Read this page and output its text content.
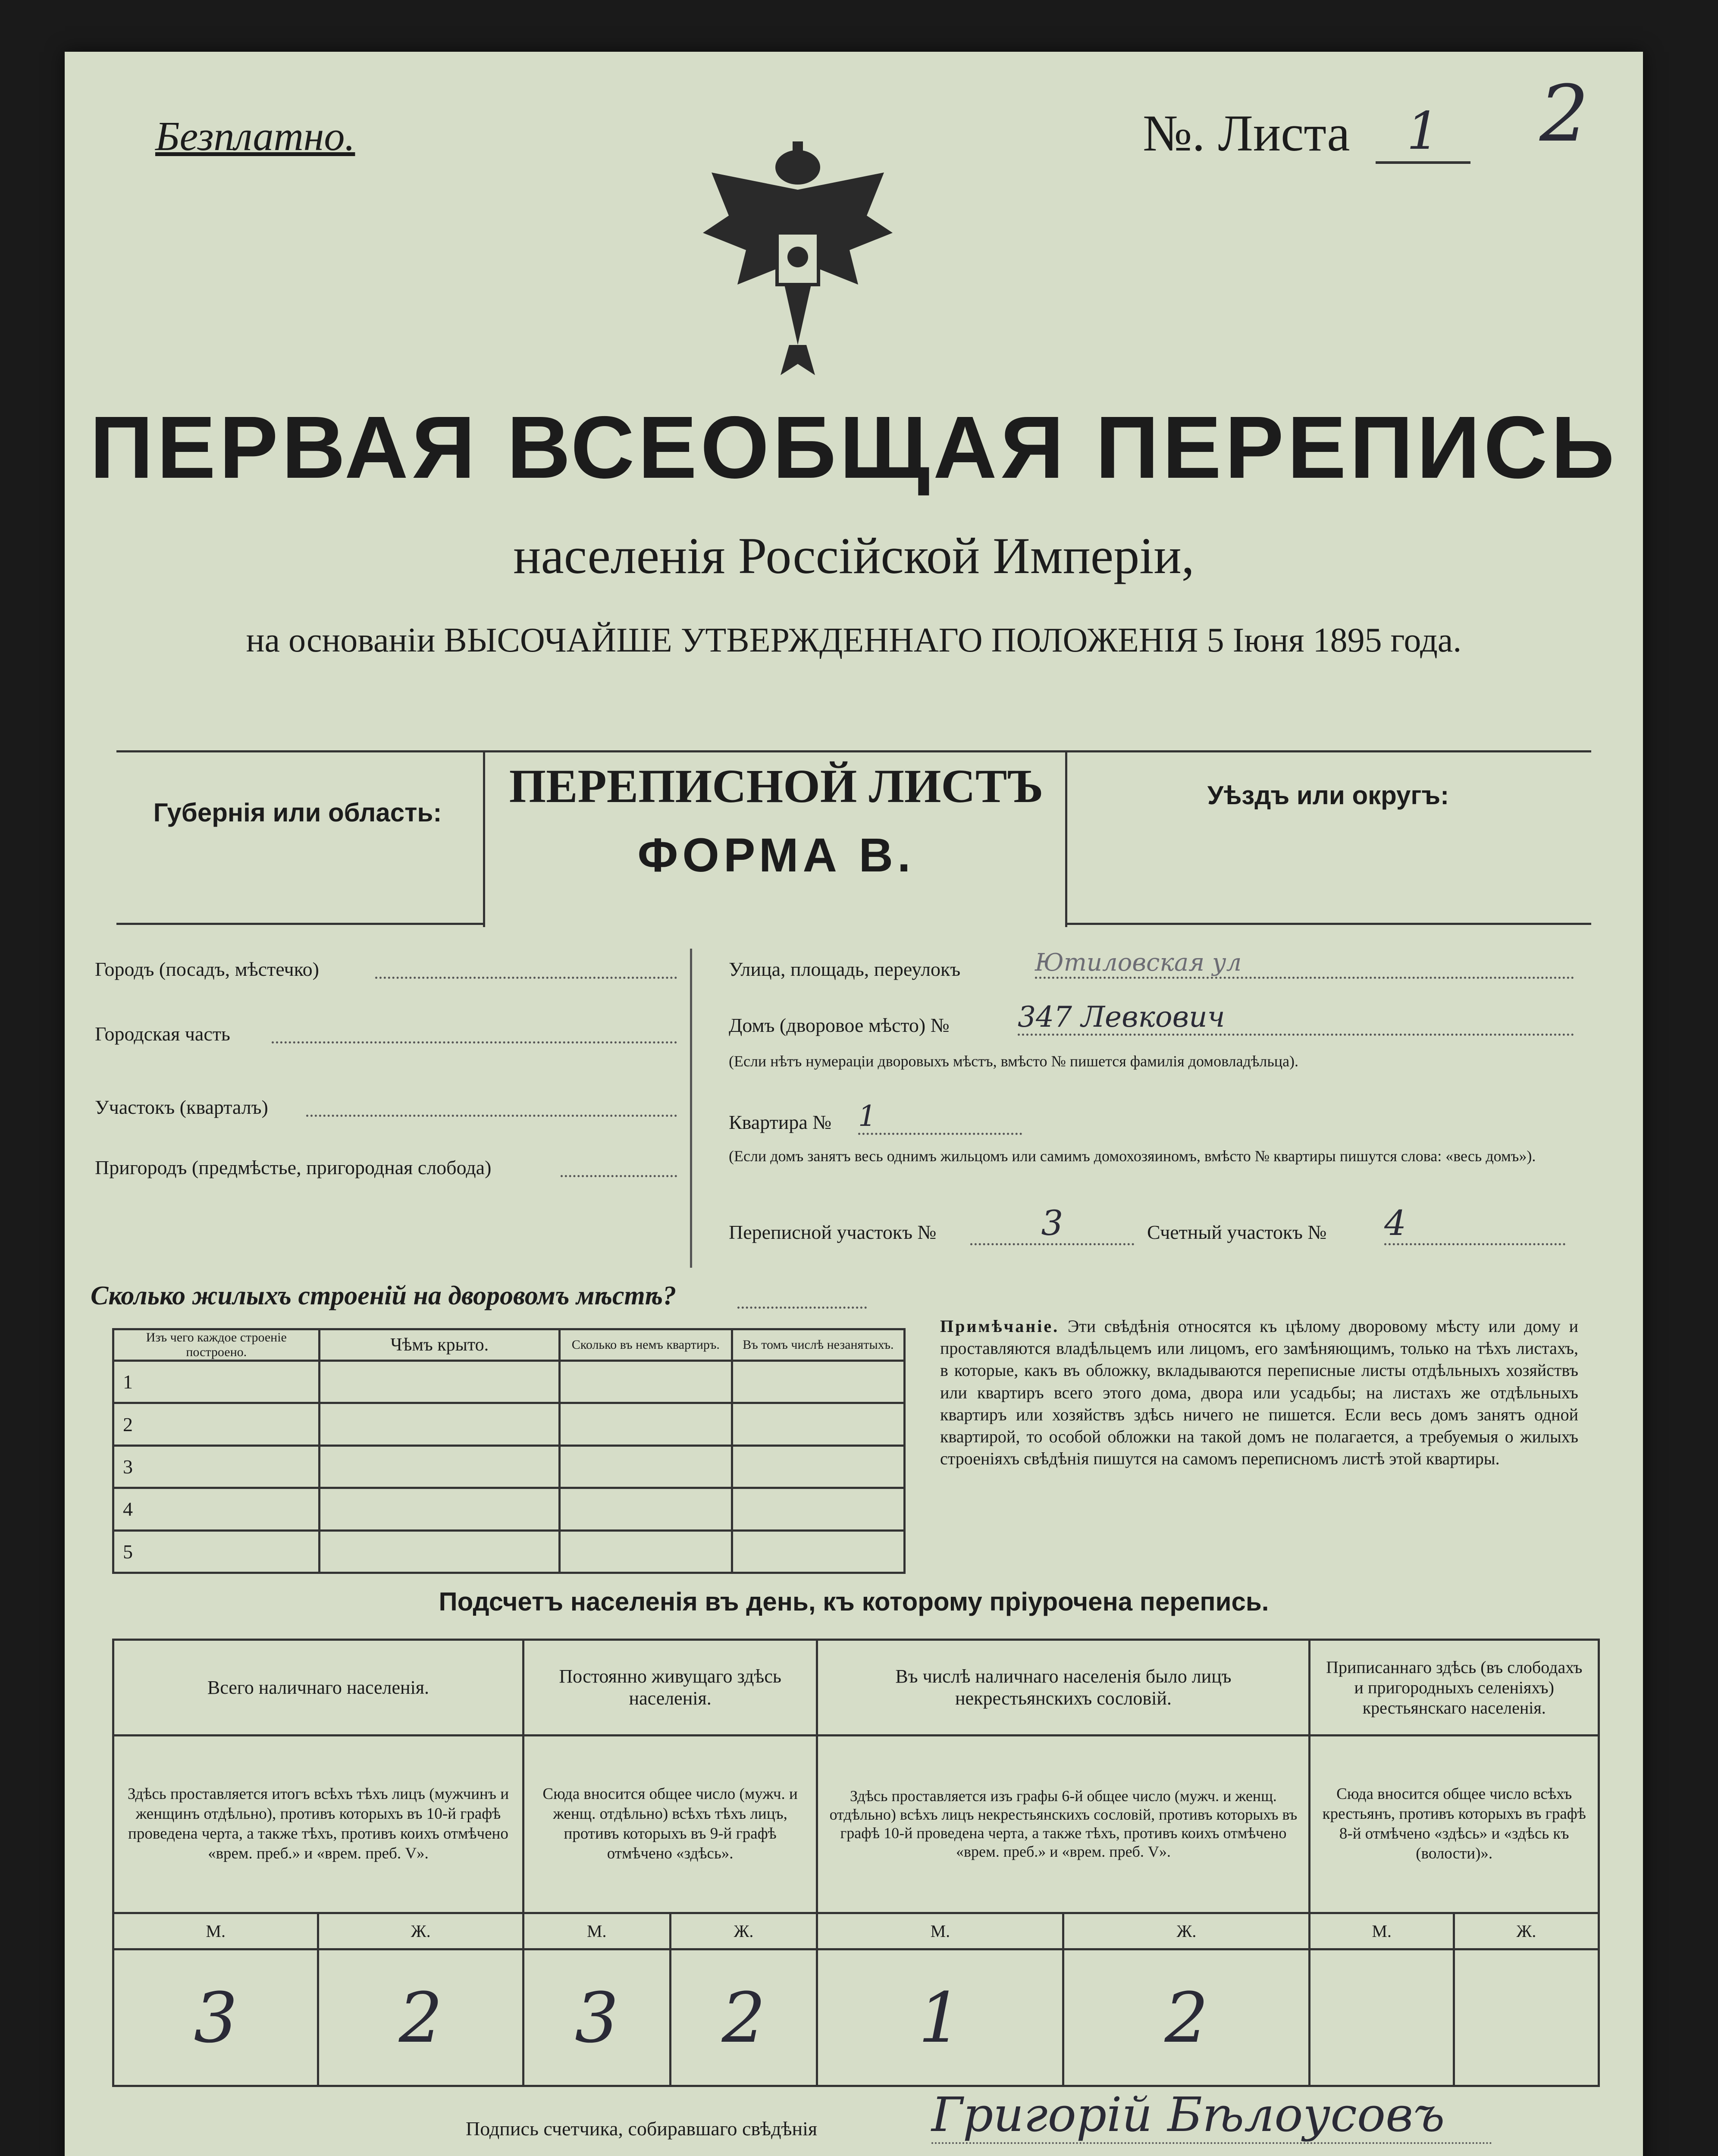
Безплатно.	№. Листа	1	2
ПЕРВАЯ ВСЕОБЩАЯ ПЕРЕПИСЬ
населенія Россійской Имперіи,
на основаніи ВЫСОЧАЙШЕ УТВЕРЖДЕННАГО ПОЛОЖЕНІЯ 5 Іюня 1895 года.
Губернія или область:
ПЕРЕПИСНОЙ ЛИСТЪ
ФОРМА В.
Уѣздъ или округъ:
Городъ (посадъ, мѣстечко)
Городская часть
Участокъ (кварталъ)
Пригородъ (предмѣстье, пригородная слобода)
Улица, площадь, переулокъ	Ютиловская ул
Домъ (дворовое мѣсто) № 347 Левкович
(Если нѣтъ нумераціи дворовыхъ мѣстъ, вмѣсто № пишется фамилія домовладѣльца).
Квартира № 1
(Если домъ занятъ весь однимъ жильцомъ или самимъ домохозяиномъ, вмѣсто № квартиры пишутся слова: «весь домъ»).
Переписной участокъ №	3	Счетный участокъ № 4
Сколько жилыхъ строеній на дворовомъ мѣстѣ?
Изъ чего каждое строеніе построено.	Чѣмъ крыто.	Сколько въ немъ квартиръ.	Въ томъ числѣ незанятыхъ.
1			
2			
3			
4			
5			
Примѣчаніе. Эти свѣдѣнія относятся къ цѣлому дворовому мѣсту или дому и проставляются владѣльцемъ или лицомъ, его замѣняющимъ, только на тѣхъ листахъ, в которые, какъ въ обложку, вкладываются переписные листы отдѣльныхъ хозяйствъ или квартиръ всего этого дома, двора или усадьбы; на листахъ же отдѣльныхъ квартиръ или хозяйствъ здѣсь ничего не пишется. Если весь домъ занятъ одной квартирой, то особой обложки на такой домъ не полагается, а требуемыя о жилыхъ строеніяхъ свѣдѣнія пишутся на самомъ переписномъ листѣ этой квартиры.
Подсчетъ населенія въ день, къ которому пріурочена перепись.
Всего наличнаго населенія.		Постоянно живущаго здѣсь населенія.		Въ числѣ наличнаго населенія было лицъ некрестьянскихъ сословій.		Приписаннаго здѣсь (въ слободахъ и пригородныхъ селеніяхъ) крестьянскаго населенія.	
Здѣсь проставляется итогъ всѣхъ тѣхъ лицъ (мужчинъ и женщинъ отдѣльно), противъ которыхъ въ 10-й графѣ проведена черта, а также тѣхъ, противъ коихъ отмѣчено «врем. преб.» и «врем. преб. V».		Сюда вносится общее число (мужч. и женщ. отдѣльно) всѣхъ тѣхъ лицъ, противъ которыхъ въ 9-й графѣ отмѣчено «здѣсь».		Здѣсь проставляется изъ графы 6-й общее число (мужч. и женщ. отдѣльно) всѣхъ лицъ некрестьянскихъ сословій, противъ которыхъ въ графѣ 10-й проведена черта, а также тѣхъ, противъ коихъ отмѣчено «врем. преб.» и «врем. преб. V».		Сюда вносится общее число всѣхъ крестьянъ, противъ которыхъ въ графѣ 8-й отмѣчено «здѣсь» и «здѣсь къ (волости)».	
М.	Ж.	М.	Ж.	М.	Ж.	М.	Ж.
3	2	3	2	1	2		
Подпись счетчика, собиравшаго свѣдѣнія Григорій Бѣлоусовъ
